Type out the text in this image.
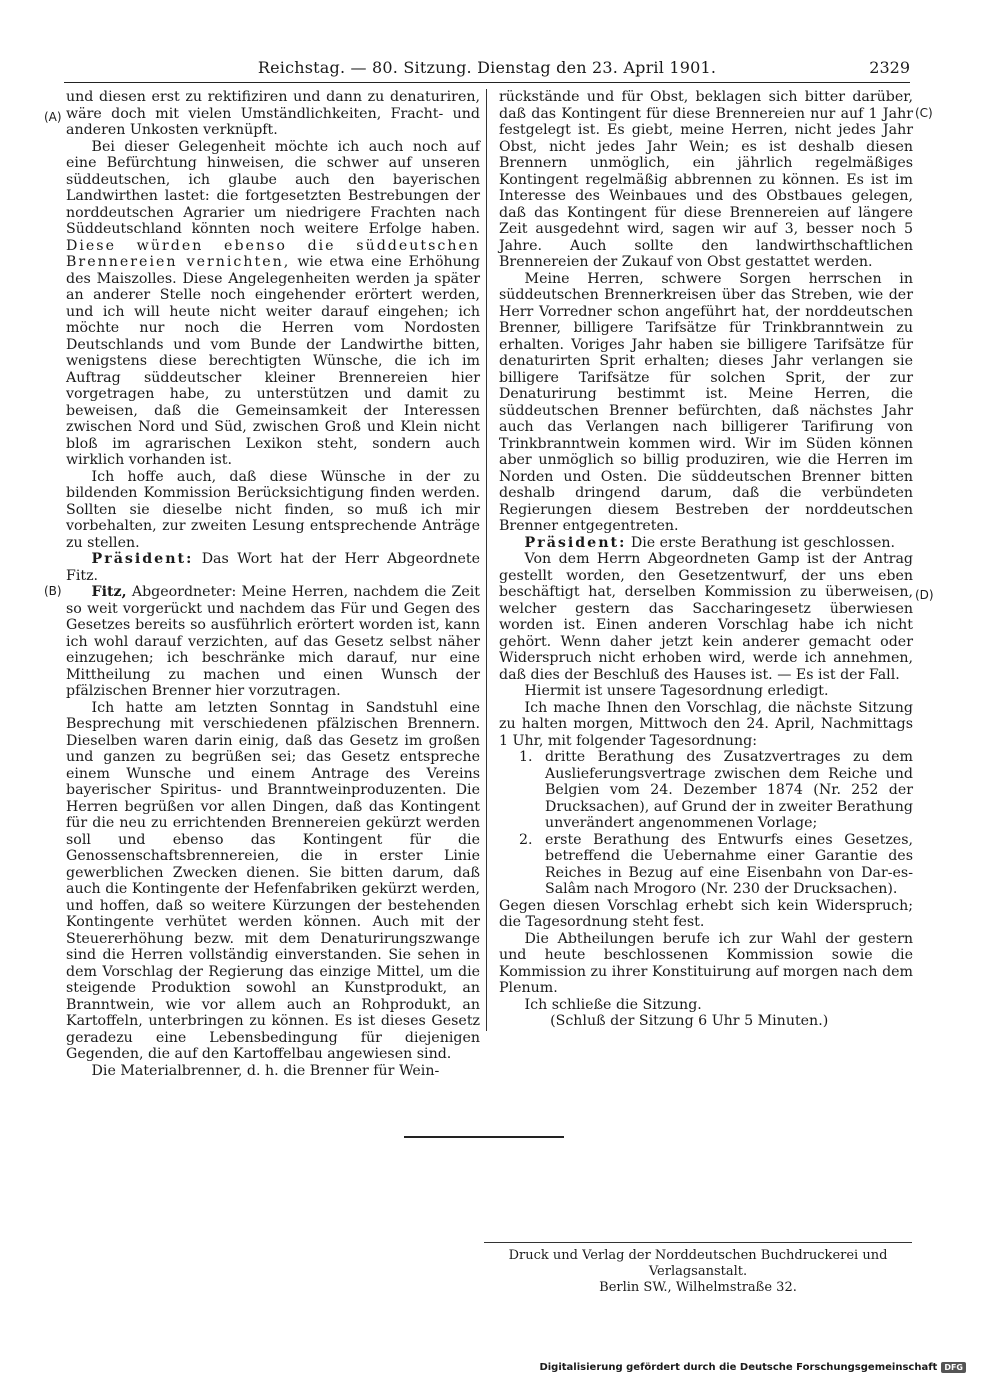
Reichstag. — 80. Sitzung. Dienstag den 23. April 1901.	2329
(A)
(B)
(C)
(D)

und diesen erst zu rektifiziren und dann zu denaturiren, wäre doch mit vielen Umständlichkeiten, Fracht- und anderen Unkosten verknüpft.

Bei dieser Gelegenheit möchte ich auch noch auf eine Befürchtung hinweisen, die schwer auf unseren süddeutschen, ich glaube auch den bayerischen Landwirthen lastet: die fortgesetzten Bestrebungen der norddeutschen Agrarier um niedrigere Frachten nach Süddeutschland könnten noch weitere Erfolge haben. Diese würden ebenso die süddeutschen Brennereien vernichten, wie etwa eine Erhöhung des Maiszolles. Diese Angelegenheiten werden ja später an anderer Stelle noch eingehender erörtert werden, und ich will heute nicht weiter darauf eingehen; ich möchte nur noch die Herren vom Nordosten Deutschlands und vom Bunde der Landwirthe bitten, wenigstens diese berechtigten Wünsche, die ich im Auftrag süddeutscher kleiner Brennereien hier vorgetragen habe, zu unterstützen und damit zu beweisen, daß die Gemeinsamkeit der Interessen zwischen Nord und Süd, zwischen Groß und Klein nicht bloß im agrarischen Lexikon steht, sondern auch wirklich vorhanden ist.

Ich hoffe auch, daß diese Wünsche in der zu bildenden Kommission Berücksichtigung finden werden. Sollten sie dieselbe nicht finden, so muß ich mir vorbehalten, zur zweiten Lesung entsprechende Anträge zu stellen.

Präsident: Das Wort hat der Herr Abgeordnete Fitz.

Fitz, Abgeordneter: Meine Herren, nachdem die Zeit so weit vorgerückt und nachdem das Für und Gegen des Gesetzes bereits so ausführlich erörtert worden ist, kann ich wohl darauf verzichten, auf das Gesetz selbst näher einzugehen; ich beschränke mich darauf, nur eine Mittheilung zu machen und einen Wunsch der pfälzischen Brenner hier vorzutragen.

Ich hatte am letzten Sonntag in Sandstuhl eine Besprechung mit verschiedenen pfälzischen Brennern. Dieselben waren darin einig, daß das Gesetz im großen und ganzen zu begrüßen sei; das Gesetz entspreche einem Wunsche und einem Antrage des Vereins bayerischer Spiritus- und Branntweinproduzenten. Die Herren begrüßen vor allen Dingen, daß das Kontingent für die neu zu errichtenden Brennereien gekürzt werden soll und ebenso das Kontingent für die Genossenschaftsbrennereien, die in erster Linie gewerblichen Zwecken dienen. Sie bitten darum, daß auch die Kontingente der Hefenfabriken gekürzt werden, und hoffen, daß so weitere Kürzungen der bestehenden Kontingente verhütet werden können. Auch mit der Steuererhöhung bezw. mit dem Denaturirungszwange sind die Herren vollständig einverstanden. Sie sehen in dem Vorschlag der Regierung das einzige Mittel, um die steigende Produktion sowohl an Kunstprodukt, an Branntwein, wie vor allem auch an Rohprodukt, an Kartoffeln, unterbringen zu können. Es ist dieses Gesetz geradezu eine Lebensbedingung für diejenigen Gegenden, die auf den Kartoffelbau angewiesen sind.

Die Materialbrenner, d. h. die Brenner für Wein-

rückstände und für Obst, beklagen sich bitter darüber, daß das Kontingent für diese Brennereien nur auf 1 Jahr festgelegt ist. Es giebt, meine Herren, nicht jedes Jahr Obst, nicht jedes Jahr Wein; es ist deshalb diesen Brennern unmöglich, ein jährlich regelmäßiges Kontingent regelmäßig abbrennen zu können. Es ist im Interesse des Weinbaues und des Obstbaues gelegen, daß das Kontingent für diese Brennereien auf längere Zeit ausgedehnt wird, sagen wir auf 3, besser noch 5 Jahre. Auch sollte den landwirthschaftlichen Brennereien der Zukauf von Obst gestattet werden.

Meine Herren, schwere Sorgen herrschen in süddeutschen Brennerkreisen über das Streben, wie der Herr Vorredner schon angeführt hat, der norddeutschen Brenner, billigere Tarifsätze für Trinkbranntwein zu erhalten. Voriges Jahr haben sie billigere Tarifsätze für denaturirten Sprit erhalten; dieses Jahr verlangen sie billigere Tarifsätze für solchen Sprit, der zur Denaturirung bestimmt ist. Meine Herren, die süddeutschen Brenner befürchten, daß nächstes Jahr auch das Verlangen nach billigerer Tarifirung von Trinkbranntwein kommen wird. Wir im Süden können aber unmöglich so billig produziren, wie die Herren im Norden und Osten. Die süddeutschen Brenner bitten deshalb dringend darum, daß die verbündeten Regierungen diesem Bestreben der norddeutschen Brenner entgegentreten.

Präsident: Die erste Berathung ist geschlossen.

Von dem Herrn Abgeordneten Gamp ist der Antrag gestellt worden, den Gesetzentwurf, der uns eben beschäftigt hat, derselben Kommission zu überweisen, welcher gestern das Saccharingesetz überwiesen worden ist. Einen anderen Vorschlag habe ich nicht gehört. Wenn daher jetzt kein anderer gemacht oder Widerspruch nicht erhoben wird, werde ich annehmen, daß dies der Beschluß des Hauses ist. — Es ist der Fall.

Hiermit ist unsere Tagesordnung erledigt.

Ich mache Ihnen den Vorschlag, die nächste Sitzung zu halten morgen, Mittwoch den 24. April, Nachmittags 1 Uhr, mit folgender Tagesordnung:

1. dritte Berathung des Zusatzvertrages zu dem Auslieferungsvertrage zwischen dem Reiche und Belgien vom 24. Dezember 1874 (Nr. 252 der Drucksachen), auf Grund der in zweiter Berathung unverändert angenommenen Vorlage;
2. erste Berathung des Entwurfs eines Gesetzes, betreffend die Uebernahme einer Garantie des Reiches in Bezug auf eine Eisenbahn von Dar-es-Salâm nach Mrogoro (Nr. 230 der Drucksachen).

Gegen diesen Vorschlag erhebt sich kein Widerspruch; die Tagesordnung steht fest.

Die Abtheilungen berufe ich zur Wahl der gestern und heute beschlossenen Kommission sowie die Kommission zu ihrer Konstituirung auf morgen nach dem Plenum.

Ich schließe die Sitzung.

(Schluß der Sitzung 6 Uhr 5 Minuten.)

Druck und Verlag der Norddeutschen Buchdruckerei und Verlagsanstalt.
Berlin SW., Wilhelmstraße 32.
Digitalisierung gefördert durch die Deutsche Forschungsgemeinschaft DFG
